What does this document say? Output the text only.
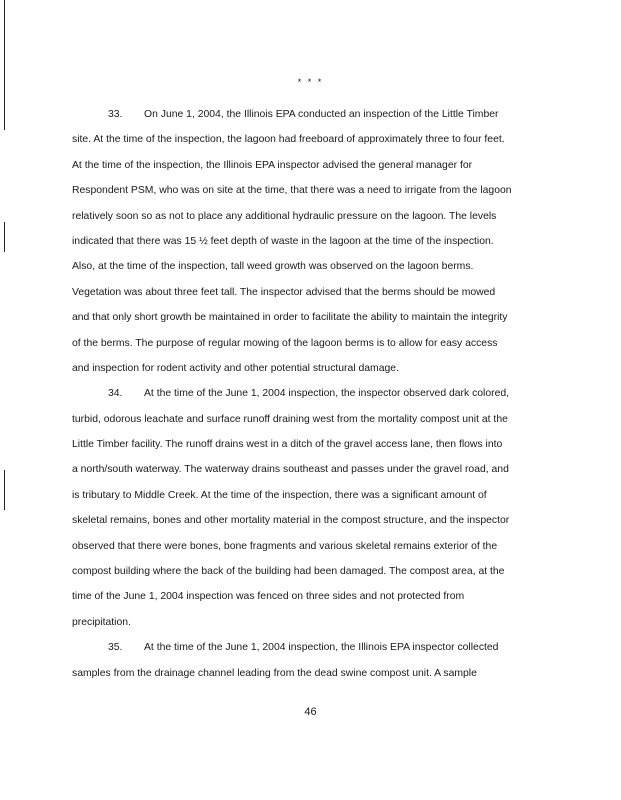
* * *
33. On June 1, 2004, the Illinois EPA conducted an inspection of the Little Timber
site. At the time of the inspection, the lagoon had freeboard of approximately three to four feet.
At the time of the inspection, the Illinois EPA inspector advised the general manager for
Respondent PSM, who was on site at the time, that there was a need to irrigate from the lagoon
relatively soon so as not to place any additional hydraulic pressure on the lagoon. The levels
indicated that there was 15 ½ feet depth of waste in the lagoon at the time of the inspection.
Also, at the time of the inspection, tall weed growth was observed on the lagoon berms.
Vegetation was about three feet tall. The inspector advised that the berms should be mowed
and that only short growth be maintained in order to facilitate the ability to maintain the integrity
of the berms. The purpose of regular mowing of the lagoon berms is to allow for easy access
and inspection for rodent activity and other potential structural damage.
34. At the time of the June 1, 2004 inspection, the inspector observed dark colored,
turbid, odorous leachate and surface runoff draining west from the mortality compost unit at the
Little Timber facility. The runoff drains west in a ditch of the gravel access lane, then flows into
a north/south waterway. The waterway drains southeast and passes under the gravel road, and
is tributary to Middle Creek. At the time of the inspection, there was a significant amount of
skeletal remains, bones and other mortality material in the compost structure, and the inspector
observed that there were bones, bone fragments and various skeletal remains exterior of the
compost building where the back of the building had been damaged. The compost area, at the
time of the June 1, 2004 inspection was fenced on three sides and not protected from
precipitation.
35. At the time of the June 1, 2004 inspection, the Illinois EPA inspector collected
samples from the drainage channel leading from the dead swine compost unit. A sample
46
